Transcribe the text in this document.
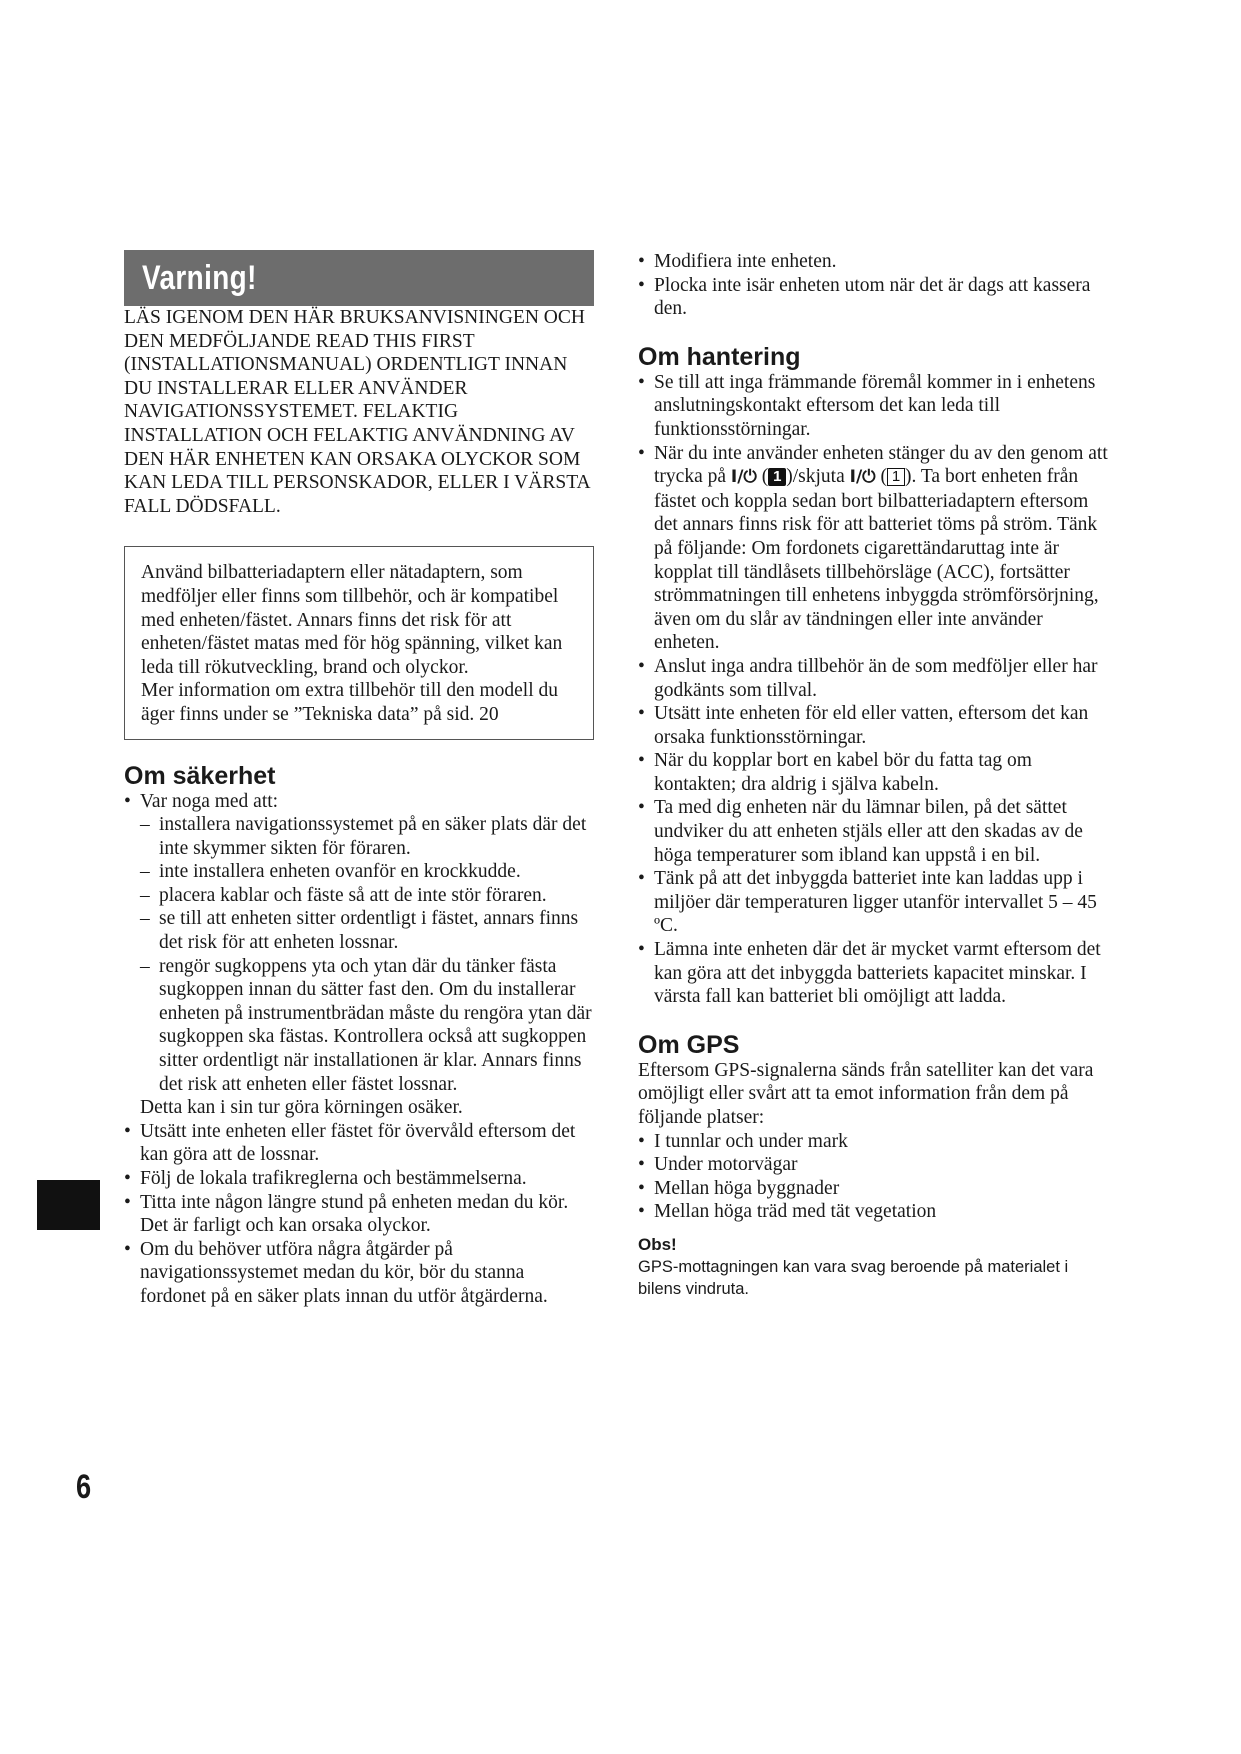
6
Varning!

LÄS IGENOM DEN HÄR BRUKSANVISNINGEN OCH DEN MEDFÖLJANDE READ THIS FIRST (INSTALLATIONSMANUAL) ORDENTLIGT INNAN DU INSTALLERAR ELLER ANVÄNDER NAVIGATIONSSYSTEMET. FELAKTIG INSTALLATION OCH FELAKTIG ANVÄNDNING AV DEN HÄR ENHETEN KAN ORSAKA OLYCKOR SOM KAN LEDA TILL PERSONSKADOR, ELLER I VÄRSTA FALL DÖDSFALL.

Använd bilbatteriadaptern eller nätadaptern, som medföljer eller finns som tillbehör, och är kompatibel med enheten/fästet. Annars finns det risk för att enheten/fästet matas med för hög spänning, vilket kan leda till rökutveckling, brand och olyckor.

Mer information om extra tillbehör till den modell du äger finns under se ”Tekniska data” på sid. 20

Om säkerhet
• Var noga med att:
– installera navigationssystemet på en säker plats där det inte skymmer sikten för föraren.
– inte installera enheten ovanför en krockkudde.
– placera kablar och fäste så att de inte stör föraren.
– se till att enheten sitter ordentligt i fästet, annars finns det risk för att enheten lossnar.
– rengör sugkoppens yta och ytan där du tänker fästa sugkoppen innan du sätter fast den. Om du installerar enheten på instrumentbrädan måste du rengöra ytan där sugkoppen ska fästas. Kontrollera också att sugkoppen sitter ordentligt när installationen är klar. Annars finns det risk att enheten eller fästet lossnar.
Detta kan i sin tur göra körningen osäker.
• Utsätt inte enheten eller fästet för övervåld eftersom det kan göra att de lossnar.
• Följ de lokala trafikreglerna och bestämmelserna.
• Titta inte någon längre stund på enheten medan du kör. Det är farligt och kan orsaka olyckor.
• Om du behöver utföra några åtgärder på navigationssystemet medan du kör, bör du stanna fordonet på en säker plats innan du utför åtgärderna.
• Modifiera inte enheten.
• Plocka inte isär enheten utom när det är dags att kassera den.
Om hantering
• Se till att inga främmande föremål kommer in i enhetens anslutningskontakt eftersom det kan leda till funktionsstörningar.
• När du inte använder enheten stänger du av den genom att trycka på I/⏻ ( 1 )/skjuta I/⏻ ( 1 ). Ta bort enheten från fästet och koppla sedan bort bilbatteriadaptern eftersom det annars finns risk för att batteriet töms på ström. Tänk på följande: Om fordonets cigarettändaruttag inte är kopplat till tändlåsets tillbehörsläge (ACC), fortsätter strömmatningen till enhetens inbyggda strömförsörjning, även om du slår av tändningen eller inte använder enheten.
• Anslut inga andra tillbehör än de som medföljer eller har godkänts som tillval.
• Utsätt inte enheten för eld eller vatten, eftersom det kan orsaka funktionsstörningar.
• När du kopplar bort en kabel bör du fatta tag om kontakten; dra aldrig i själva kabeln.
• Ta med dig enheten när du lämnar bilen, på det sättet undviker du att enheten stjäls eller att den skadas av de höga temperaturer som ibland kan uppstå i en bil.
• Tänk på att det inbyggda batteriet inte kan laddas upp i miljöer där temperaturen ligger utanför intervallet 5 – 45 ºC.
• Lämna inte enheten där det är mycket varmt eftersom det kan göra att det inbyggda batteriets kapacitet minskar. I värsta fall kan batteriet bli omöjligt att ladda.
Om GPS

Eftersom GPS-signalerna sänds från satelliter kan det vara omöjligt eller svårt att ta emot information från dem på följande platser:

• I tunnlar och under mark
• Under motorvägar
• Mellan höga byggnader
• Mellan höga träd med tät vegetation
Obs!
GPS-mottagningen kan vara svag beroende på materialet i bilens vindruta.
